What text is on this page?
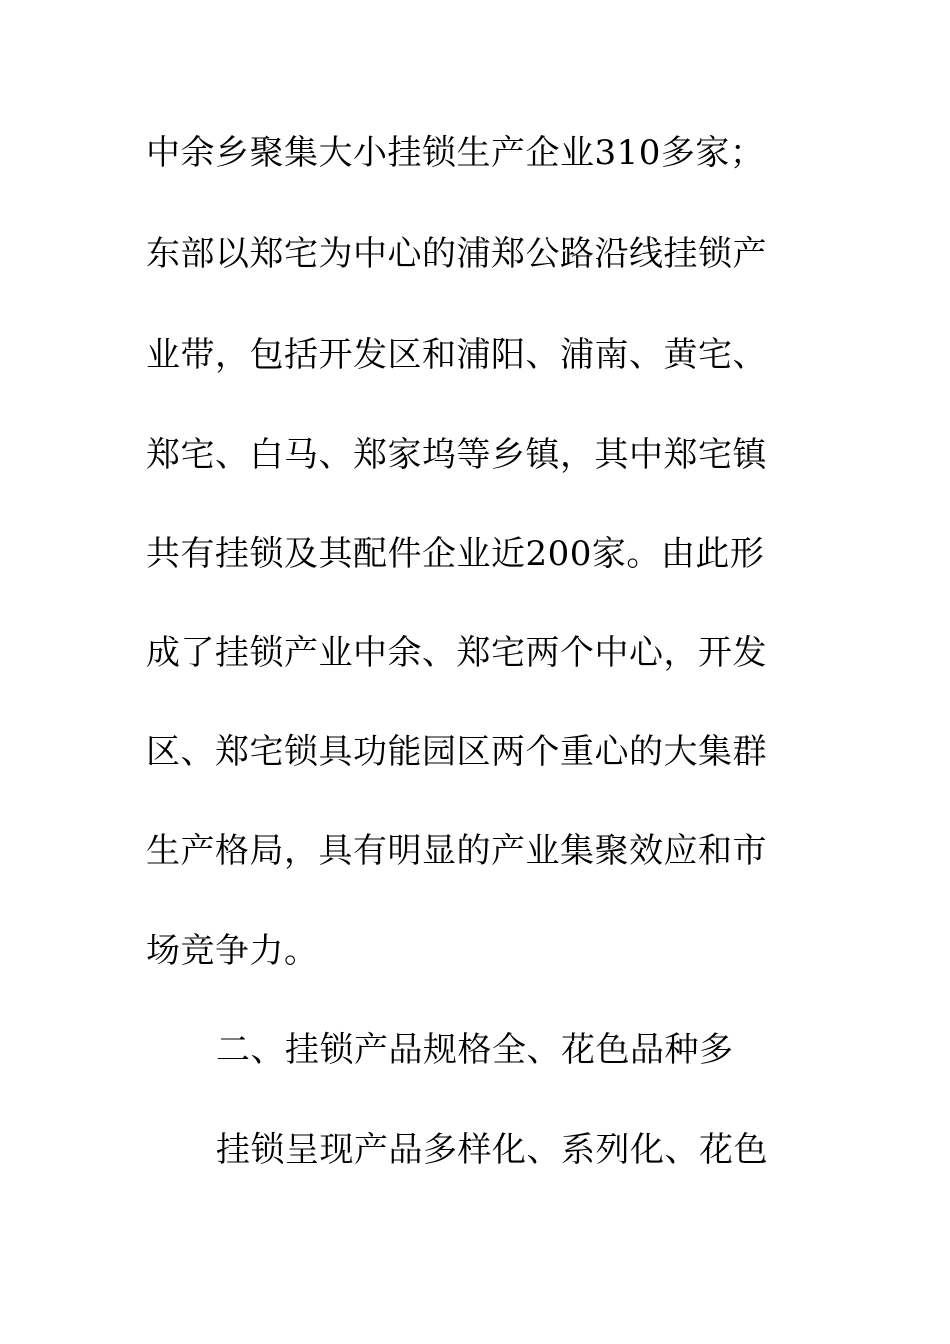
中余乡聚集大小挂锁生产企业310多家；
东部以郑宅为中心的浦郑公路沿线挂锁产
业带，包括开发区和浦阳、浦南、黄宅、
郑宅、白马、郑家坞等乡镇，其中郑宅镇
共有挂锁及其配件企业近200家。由此形
成了挂锁产业中余、郑宅两个中心，开发
区、郑宅锁具功能园区两个重心的大集群
生产格局，具有明显的产业集聚效应和市
场竞争力。
二、挂锁产品规格全、花色品种多
挂锁呈现产品多样化、系列化、花色
